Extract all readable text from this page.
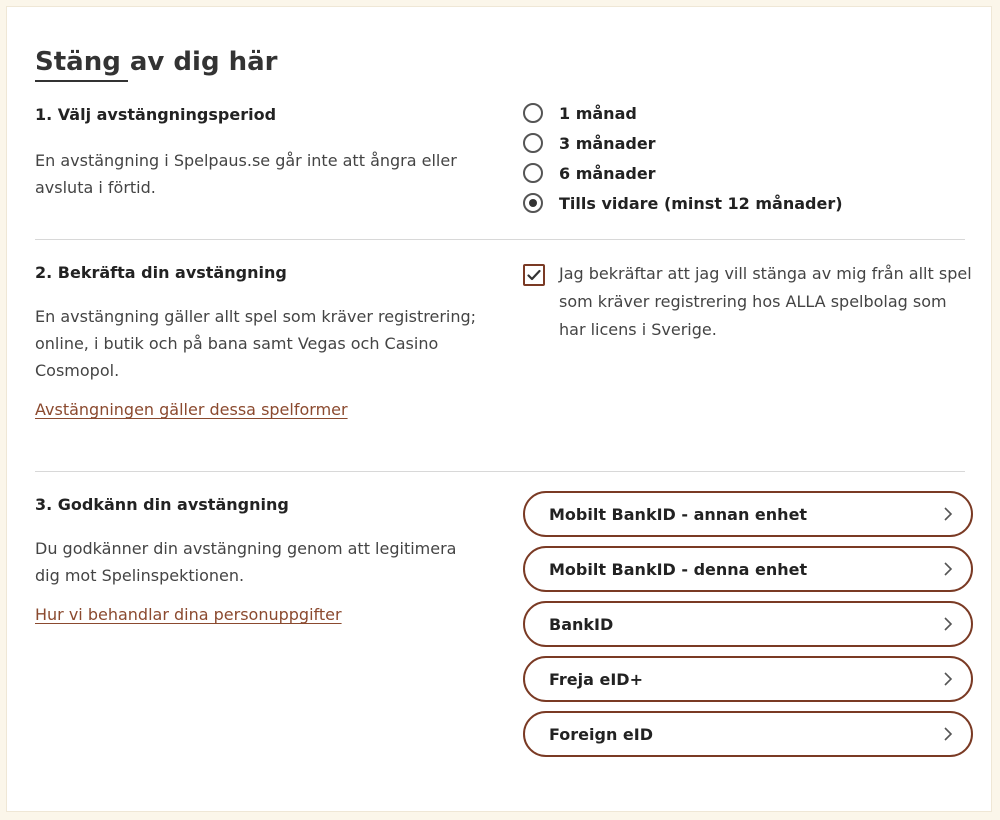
Stäng av dig här
1. Välj avstängningsperiod

En avstängning i Spelpaus.se går inte att ångra eller avsluta i förtid.

1 månad
3 månader
6 månader
Tills vidare (minst 12 månader)
2. Bekräfta din avstängning

En avstängning gäller allt spel som kräver registrering; online, i butik och på bana samt Vegas och Casino Cosmopol.

Avstängningen gäller dessa spelformer
Jag bekräftar att jag vill stänga av mig från allt spel som kräver registrering hos ALLA spelbolag som har licens i Sverige.
3. Godkänn din avstängning

Du godkänner din avstängning genom att legitimera dig mot Spelinspektionen.

Hur vi behandlar dina personuppgifter
Mobilt BankID - annan enhet
Mobilt BankID - denna enhet
BankID
Freja eID+
Foreign eID
